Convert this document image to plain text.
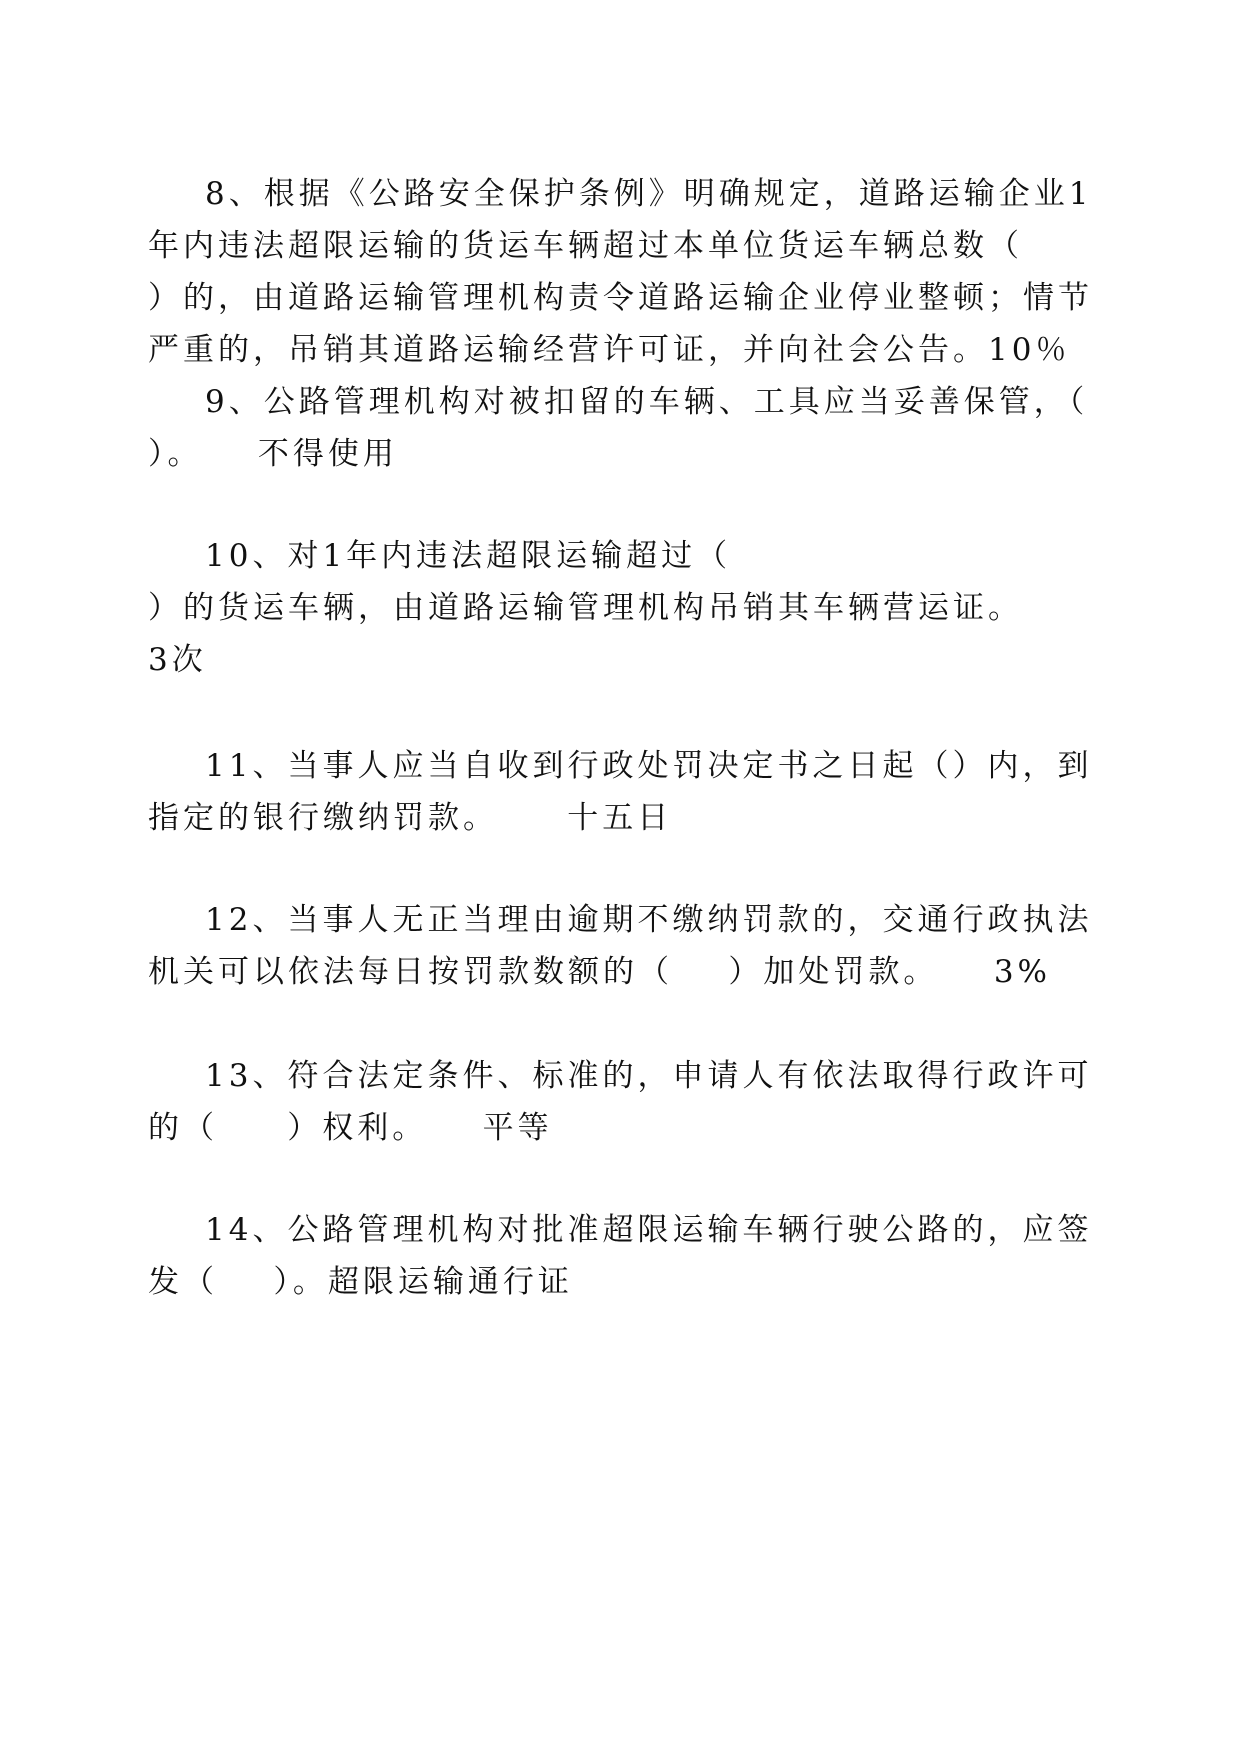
8、根据《公路安全保护条例》明确规定，道路运输企业1
年内违法超限运输的货运车辆超过本单位货运车辆总数（
）的，由道路运输管理机构责令道路运输企业停业整顿；情节
严重的，吊销其道路运输经营许可证，并向社会公告。10％
9、公路管理机构对被扣留的车辆、工具应当妥善保管，（
）。    不得使用
10、对1年内违法超限运输超过（
）的货运车辆，由道路运输管理机构吊销其车辆营运证。
3次
11、当事人应当自收到行政处罚决定书之日起（）内，到
指定的银行缴纳罚款。     十五日
12、当事人无正当理由逾期不缴纳罚款的，交通行政执法
机关可以依法每日按罚款数额的（    ）加处罚款。    3%
13、符合法定条件、标准的，申请人有依法取得行政许可
的（     ）权利。    平等
14、公路管理机构对批准超限运输车辆行驶公路的，应签
发（    ）。超限运输通行证
